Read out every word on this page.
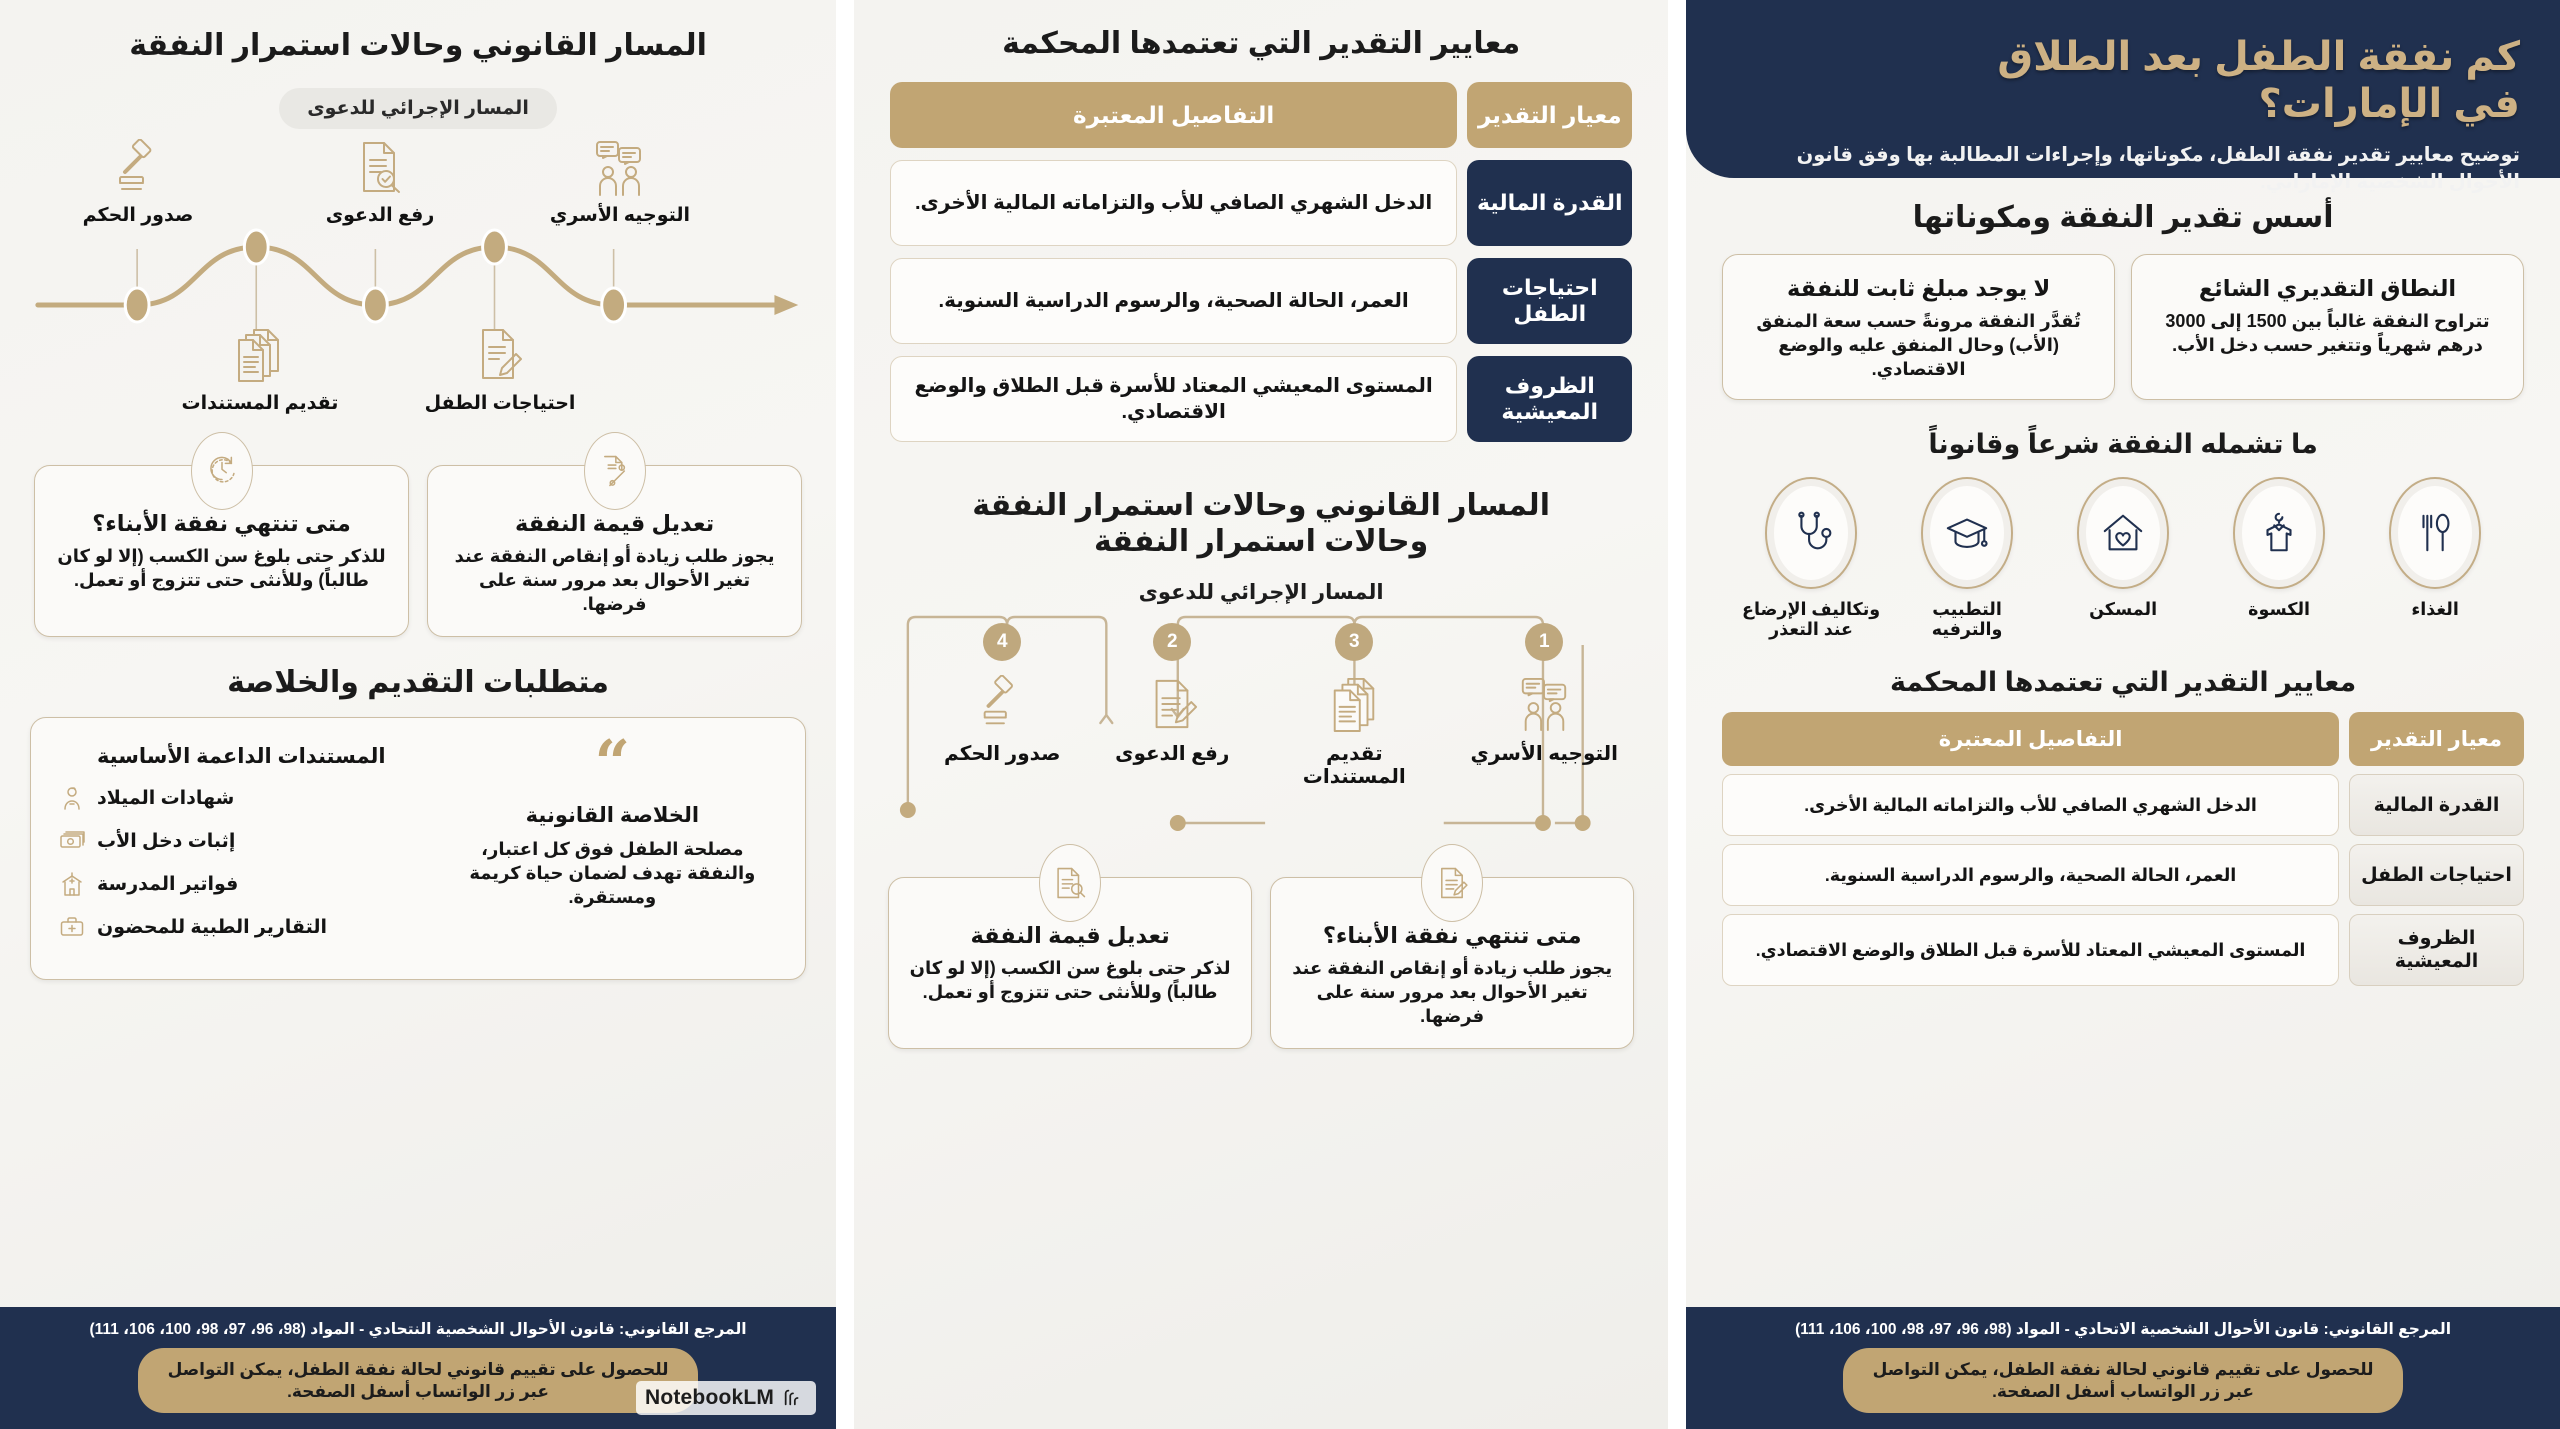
كم نفقة الطفل بعد الطلاق
في الإمارات؟

توضيح معايير تقدير نفقة الطفل، مكوناتها، وإجراءات المطالبة بها وفق قانون الأحوال الشخصية الإماراتي.

أسس تقدير النفقة ومكوناتها
النطاق التقديري الشائع
تتراوح النفقة غالباً بين 1500 إلى 3000 درهم شهرياً وتتغير حسب دخل الأب.
لا يوجد مبلغ ثابت للنفقة
تُقدَّر النفقة مرونةً حسب سعة المنفق (الأب) وحال المنفق عليه والوضع الاقتصادي.
ما تشمله النفقة شرعاً وقانوناً
الغذاء
الكسوة
المسكن
التطبيب والترفيه
وتكاليف الإرضاع عند التعذر
معايير التقدير التي تعتمدها المحكمة
معيار التقدير
التفاصيل المعتبرة
القدرة المالية
الدخل الشهري الصافي للأب والتزاماته المالية الأخرى.
احتياجات الطفل
العمر، الحالة الصحية، والرسوم الدراسية السنوية.
الظروف المعيشية
المستوى المعيشي المعتاد للأسرة قبل الطلاق والوضع الاقتصادي.
المرجع القانوني: قانون الأحوال الشخصية الاتحادي - المواد (98، 96، 97، 98، 100، 106، 111)
للحصول على تقييم قانوني لحالة نفقة الطفل، يمكن التواصل عبر زر الواتساب أسفل الصفحة.
معايير التقدير التي تعتمدها المحكمة
معيار التقدير
التفاصيل المعتبرة
القدرة المالية
الدخل الشهري الصافي للأب والتزاماته المالية الأخرى.
احتياجات الطفل
العمر، الحالة الصحية، والرسوم الدراسية السنوية.
الظروف المعيشية
المستوى المعيشي المعتاد للأسرة قبل الطلاق والوضع الاقتصادي.
المسار القانوني وحالات استمرار النفقة
وحالات استمرار النفقة
المسار الإجرائي للدعوى
1
التوجيه الأسري
3
تقديم المستندات
2
رفع الدعوى
4
صدور الحكم
متى تنتهي نفقة الأبناء؟
يجوز طلب زيادة أو إنقاص النفقة عند تغير الأحوال بعد مرور سنة على فرضها.
تعديل قيمة النفقة
لذكر حتى بلوغ سن الكسب (إلا لو كان طالباً) وللأنثى حتى تتزوج أو تعمل.
المسار القانوني وحالات استمرار النفقة
المسار الإجرائي للدعوى
صدور الحكم	رفع الدعوى	التوجيه الأسري
تقديم المستندات	احتياجات الطفل
تعديل قيمة النفقة
يجوز طلب زيادة أو إنقاص النفقة عند تغير الأحوال بعد مرور سنة على فرضها.
متى تنتهي نفقة الأبناء؟
للذكر حتى بلوغ سن الكسب (إلا لو كان طالباً) وللأنثى حتى تتزوج أو تعمل.
متطلبات التقديم والخلاصة
“
الخلاصة القانونية
مصلحة الطفل فوق كل اعتبار، والنفقة تهدف لضمان حياة كريمة ومستقرة.
المستندات الداعمة الأساسية
شهادات الميلاد
إثبات دخل الأب
فواتير المدرسة
التقارير الطبية للمحضون
المرجع القانوني: قانون الأحوال الشخصية النتحادي - المواد (98، 96، 97، 98، 100، 106، 111)
للحصول على تقييم قانوني لحالة نفقة الطفل، يمكن التواصل عبر زر الواتساب أسفل الصفحة.	NotebookLM
